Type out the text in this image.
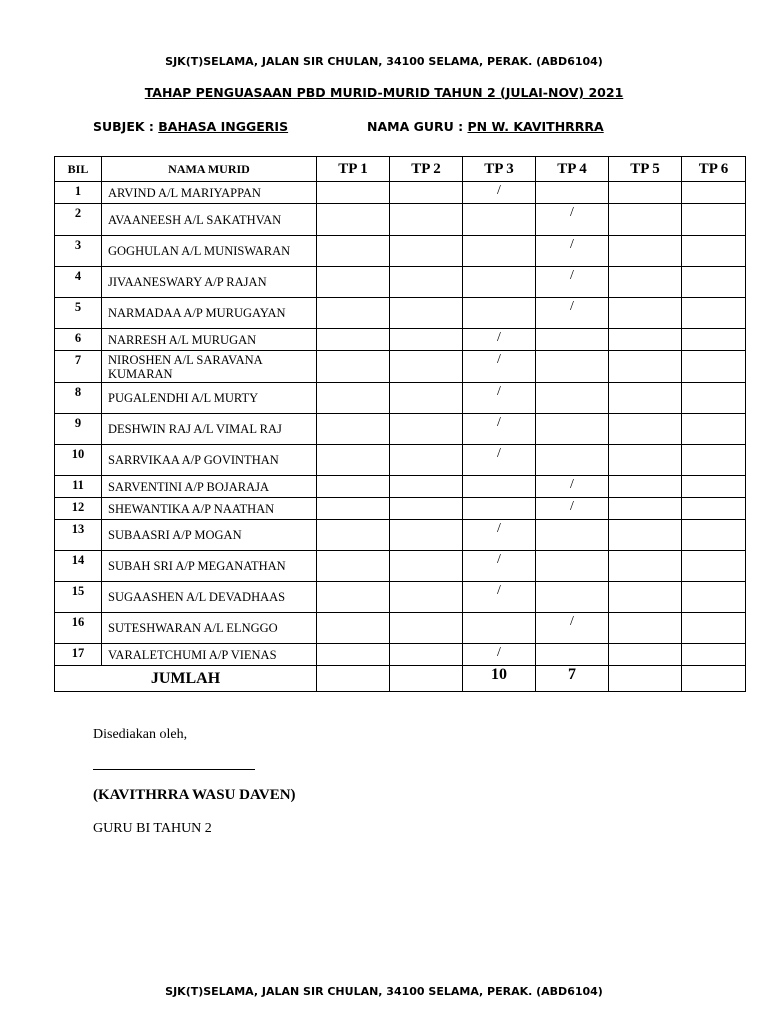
SJK(T)SELAMA, JALAN SIR CHULAN, 34100 SELAMA, PERAK. (ABD6104)
TAHAP PENGUASAAN PBD MURID-MURID TAHUN 2 (JULAI-NOV) 2021
SUBJEK : BAHASA INGGERIS	NAMA GURU : PN W. KAVITHRRRA
BIL	NAMA MURID	TP 1	TP 2	TP 3	TP 4	TP 5	TP 6
1	ARVIND A/L MARIYAPPAN			/			
2	AVAANEESH A/L SAKATHVAN				/		
3	GOGHULAN A/L MUNISWARAN				/		
4	JIVAANESWARY A/P RAJAN				/		
5	NARMADAA A/P MURUGAYAN				/		
6	NARRESH A/L MURUGAN			/			
7	NIROSHEN A/L SARAVANA KUMARAN			/			
8	PUGALENDHI A/L MURTY			/			
9	DESHWIN RAJ A/L VIMAL RAJ			/			
10	SARRVIKAA A/P GOVINTHAN			/			
11	SARVENTINI A/P BOJARAJA				/		
12	SHEWANTIKA A/P NAATHAN				/		
13	SUBAASRI A/P MOGAN			/			
14	SUBAH SRI A/P MEGANATHAN			/			
15	SUGAASHEN A/L DEVADHAAS			/			
16	SUTESHWARAN A/L ELNGGO				/		
17	VARALETCHUMI A/P VIENAS			/			
JUMLAH				10	7		
Disediakan oleh,
(KAVITHRRA WASU DAVEN)
GURU BI TAHUN 2
SJK(T)SELAMA, JALAN SIR CHULAN, 34100 SELAMA, PERAK. (ABD6104)
